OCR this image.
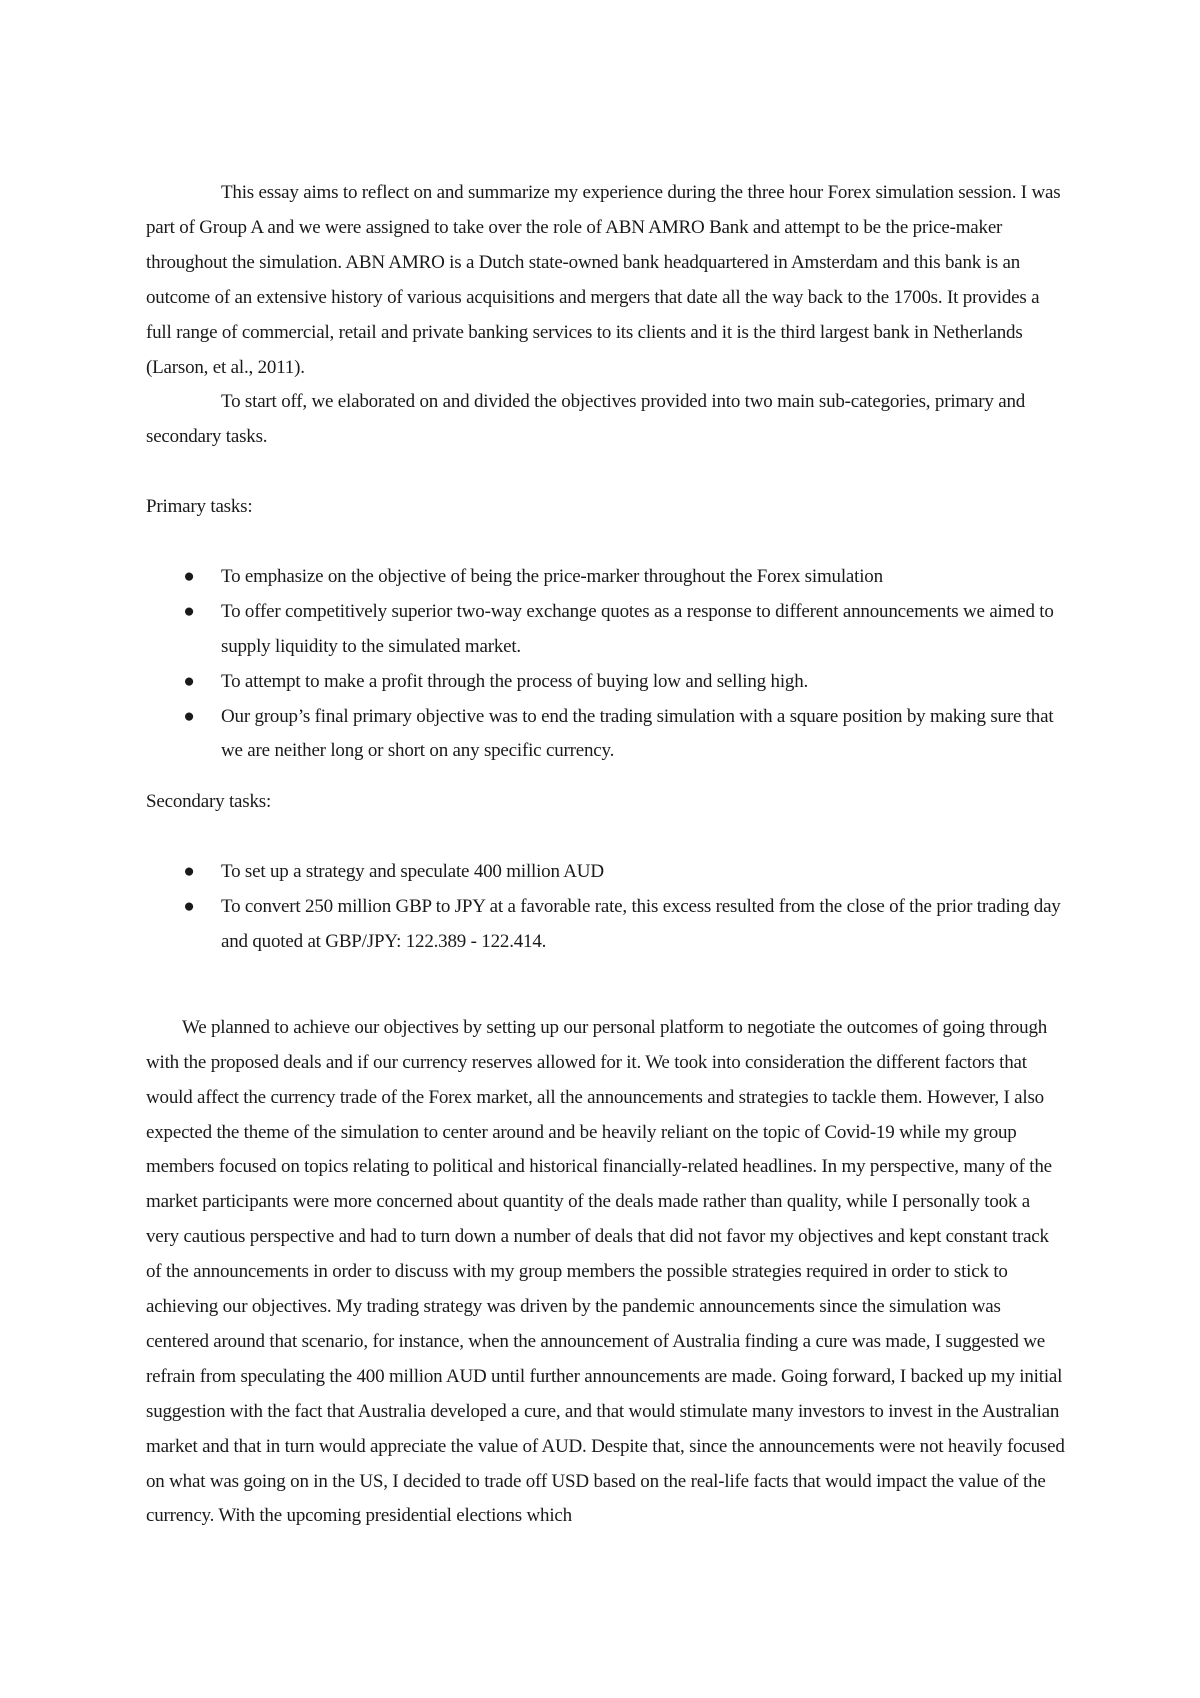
This essay aims to reflect on and summarize my experience during the three hour Forex simulation session. I was part of Group A and we were assigned to take over the role of ABN AMRO Bank and attempt to be the price-maker throughout the simulation. ABN AMRO is a Dutch state-owned bank headquartered in Amsterdam and this bank is an outcome of an extensive history of various acquisitions and mergers that date all the way back to the 1700s. It provides a full range of commercial, retail and private banking services to its clients and it is the third largest bank in Netherlands (Larson, et al., 2011).

To start off, we elaborated on and divided the objectives provided into two main sub-categories, primary and secondary tasks.

Primary tasks:

● To emphasize on the objective of being the price-marker throughout the Forex simulation
● To offer competitively superior two-way exchange quotes as a response to different announcements we aimed to supply liquidity to the simulated market.
● To attempt to make a profit through the process of buying low and selling high.
● Our group’s final primary objective was to end the trading simulation with a square position by making sure that we are neither long or short on any specific currency.

Secondary tasks:

● To set up a strategy and speculate 400 million AUD
● To convert 250 million GBP to JPY at a favorable rate, this excess resulted from the close of the prior trading day and quoted at GBP/JPY: 122.389 - 122.414.

We planned to achieve our objectives by setting up our personal platform to negotiate the outcomes of going through with the proposed deals and if our currency reserves allowed for it. We took into consideration the different factors that would affect the currency trade of the Forex market, all the announcements and strategies to tackle them. However, I also expected the theme of the simulation to center around and be heavily reliant on the topic of Covid-19 while my group members focused on topics relating to political and historical financially-related headlines. In my perspective, many of the market participants were more concerned about quantity of the deals made rather than quality, while I personally took a very cautious perspective and had to turn down a number of deals that did not favor my objectives and kept constant track of the announcements in order to discuss with my group members the possible strategies required in order to stick to achieving our objectives. My trading strategy was driven by the pandemic announcements since the simulation was centered around that scenario, for instance, when the announcement of Australia finding a cure was made, I suggested we refrain from speculating the 400 million AUD until further announcements are made. Going forward, I backed up my initial suggestion with the fact that Australia developed a cure, and that would stimulate many investors to invest in the Australian market and that in turn would appreciate the value of AUD. Despite that, since the announcements were not heavily focused on what was going on in the US, I decided to trade off USD based on the real-life facts that would impact the value of the currency. With the upcoming presidential elections which
